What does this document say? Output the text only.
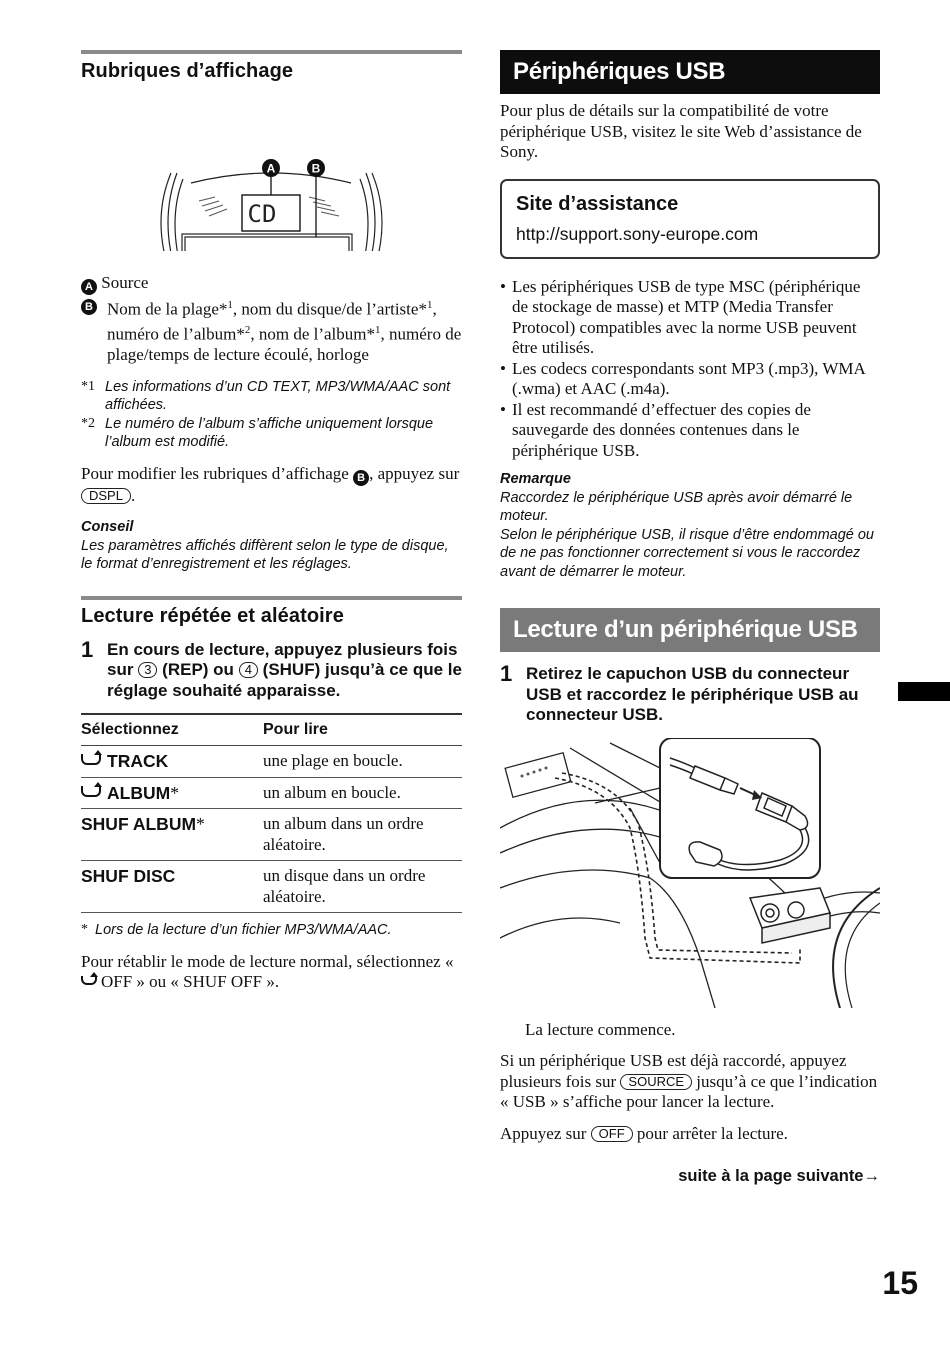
Rubriques d’affichage
A	B
CD

A Source

B Nom de la plage*$^1$, nom du disque/de l’artiste*$^1$, numéro de l’album*$^2$, nom de l’album*$^1$, numéro de plage/temps de lecture écoulé, horloge

*1 Les informations d’un CD TEXT, MP3/WMA/AAC sont affichées.
*2 Le numéro de l’album s’affiche uniquement lorsque l’album est modifié.

Pour modifier les rubriques d’affichage B , appuyez sur DSPL .

Conseil
Les paramètres affichés diffèrent selon le type de disque, le format d’enregistrement et les réglages.
Lecture répétée et aléatoire
1 En cours de lecture, appuyez plusieurs fois sur 3 (REP) ou 4 (SHUF) jusqu’à ce que le réglage souhaité apparaisse.
Sélectionnez	Pour lire
TRACK	une plage en boucle.
ALBUM*	un album en boucle.
SHUF ALBUM*	un album dans un ordre aléatoire.
SHUF DISC	un disque dans un ordre aléatoire.
* Lors de la lecture d’un fichier MP3/WMA/AAC.

Pour rétablir le mode de lecture normal, sélectionnez « OFF » ou « SHUF OFF ».

Périphériques USB

Pour plus de détails sur la compatibilité de votre périphérique USB, visitez le site Web d’assistance de Sony.

Site d’assistance
http://support.sony-europe.com
• Les périphériques USB de type MSC (périphérique de stockage de masse) et MTP (Media Transfer Protocol) compatibles avec la norme USB peuvent être utilisés.
• Les codecs correspondants sont MP3 (.mp3), WMA (.wma) et AAC (.m4a).
• Il est recommandé d’effectuer des copies de sauvegarde des données contenues dans le périphérique USB.
Remarque
Raccordez le périphérique USB après avoir démarré le moteur.
Selon le périphérique USB, il risque d’être endommagé ou de ne pas fonctionner correctement si vous le raccordez avant de démarrer le moteur.
Lecture d’un périphérique USB
1 Retirez le capuchon USB du connecteur USB et raccordez le périphérique USB au connecteur USB.

La lecture commence.

Si un périphérique USB est déjà raccordé, appuyez plusieurs fois sur SOURCE jusqu’à ce que l’indication « USB » s’affiche pour lancer la lecture.

Appuyez sur OFF pour arrêter la lecture.

suite à la page suivante→
15
